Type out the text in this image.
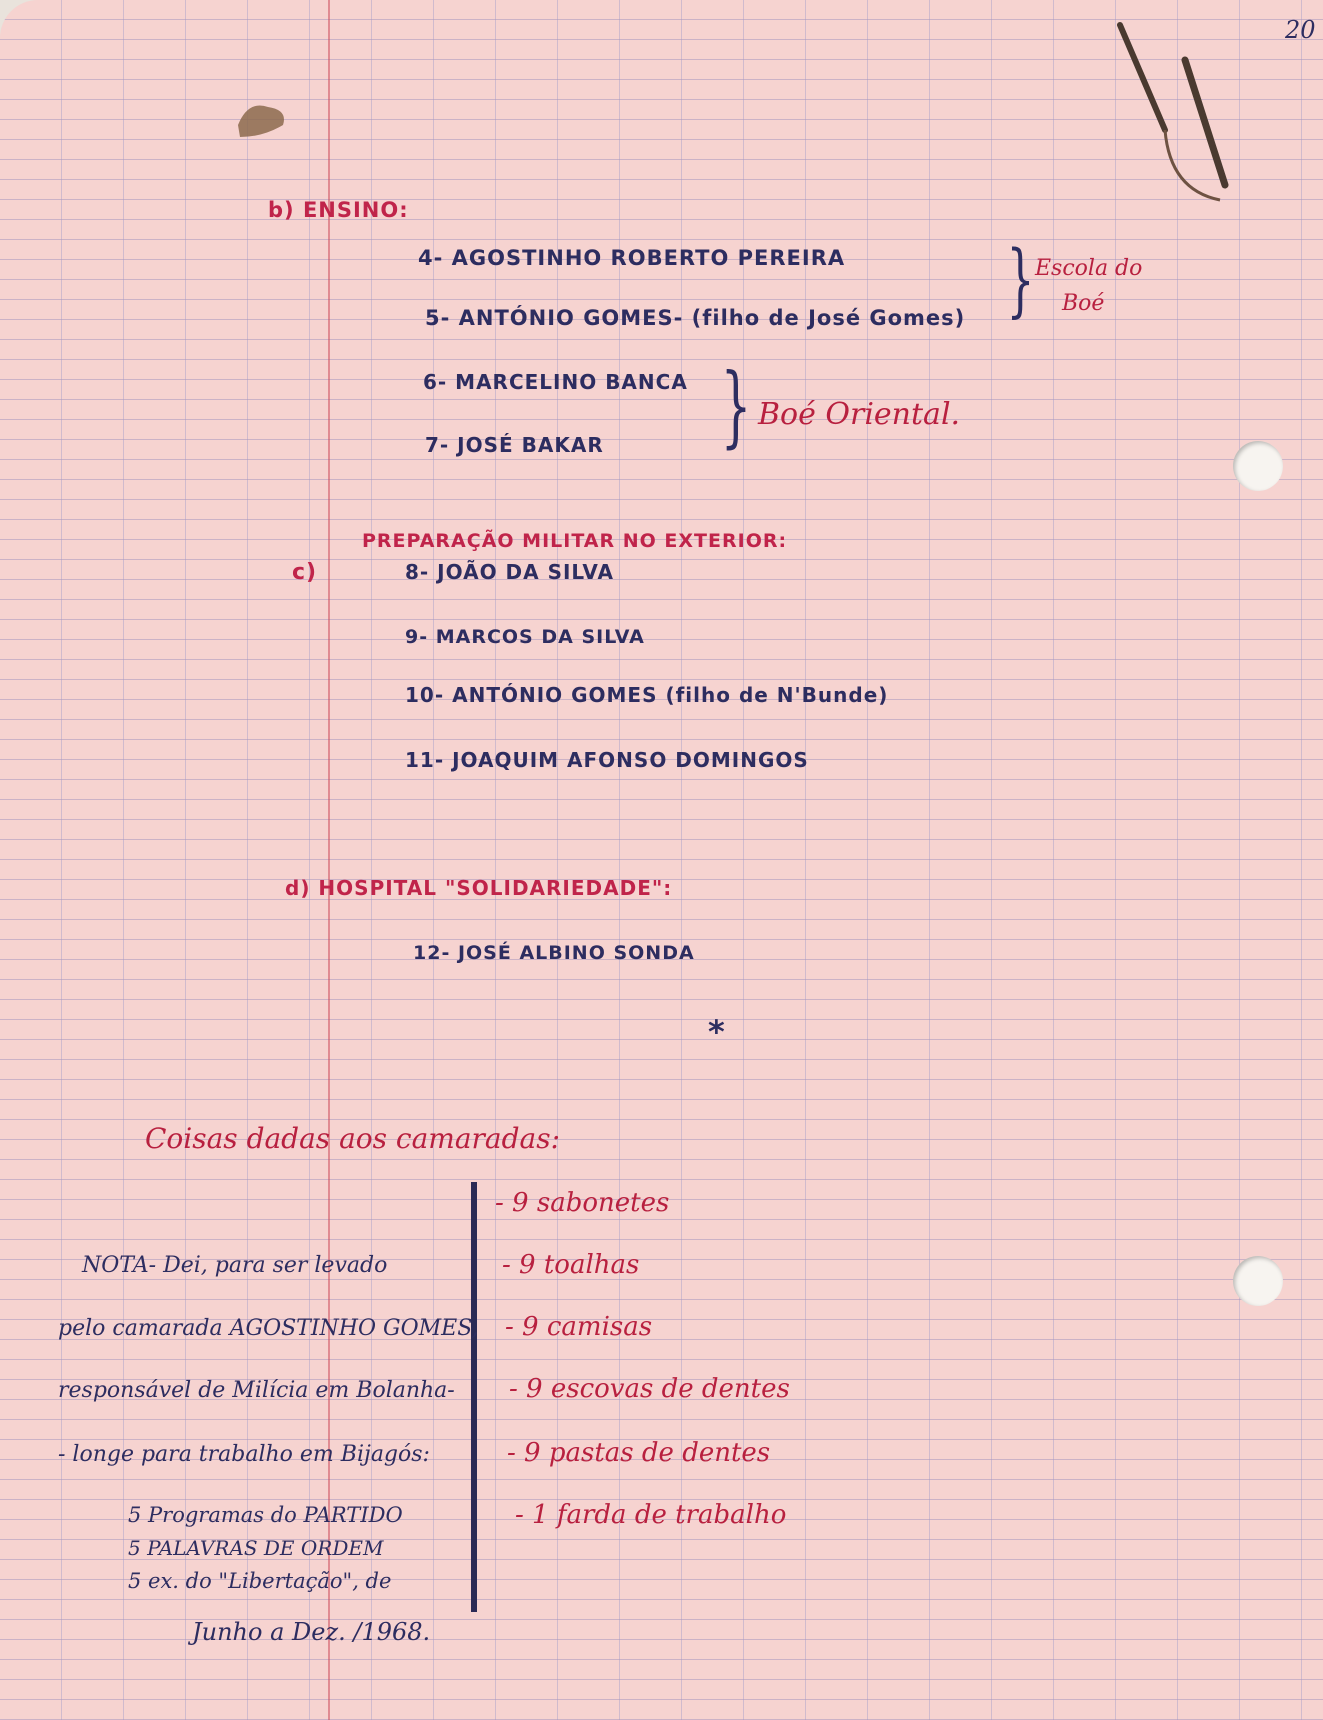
20
b) ENSINO:
4- AGOSTINHO ROBERTO PEREIRA
5- ANTÓNIO GOMES- (filho de José Gomes)
6- MARCELINO BANCA
7- JOSÉ BAKAR
} Escola do
Boé
} Boé Oriental.
PREPARAÇÃO MILITAR NO EXTERIOR:
c)	8- JOÃO DA SILVA
9- MARCOS DA SILVA
10- ANTÓNIO GOMES (filho de N'Bunde)
11- JOAQUIM AFONSO DOMINGOS
d) HOSPITAL "SOLIDARIEDADE":
12- JOSÉ ALBINO SONDA
*
Coisas dadas aos camaradas:
- 9 sabonetes
- 9 toalhas
- 9 camisas
- 9 escovas de dentes
- 9 pastas de dentes
- 1 farda de trabalho
NOTA- Dei, para ser levado
pelo camarada AGOSTINHO GOMES,
responsável de Milícia em Bolanha-
- longe para trabalho em Bijagós:
5 Programas do PARTIDO
5 PALAVRAS DE ORDEM
5 ex. do "Libertação", de
Junho a Dez. /1968.
